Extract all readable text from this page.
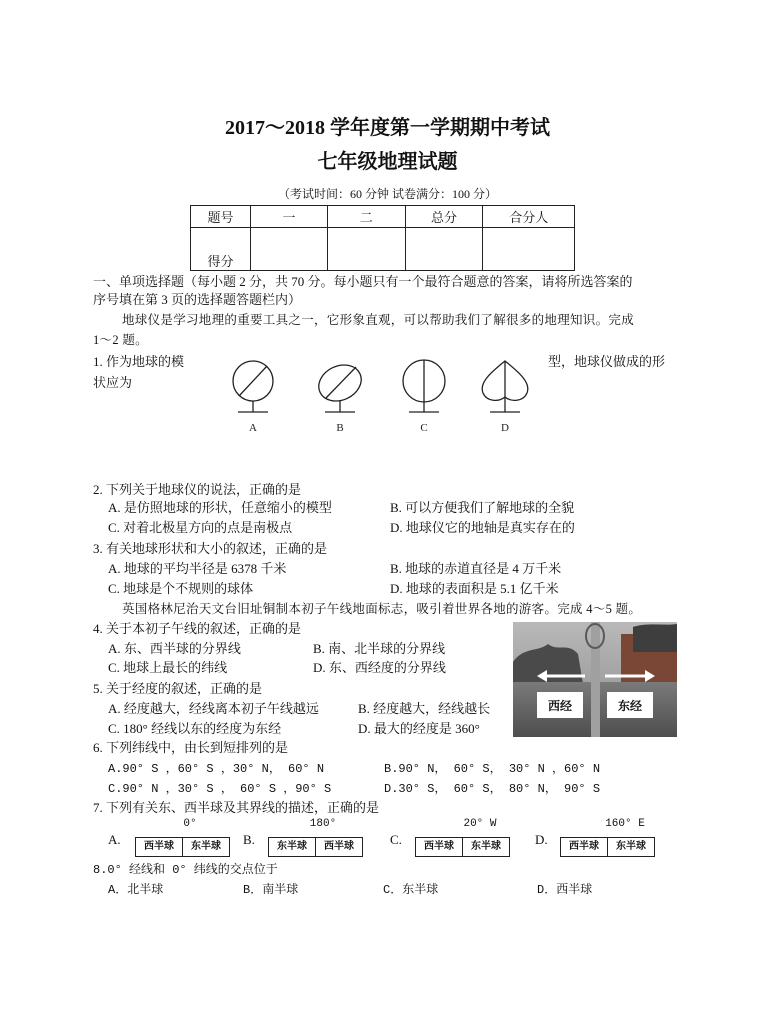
2017～2018 学年度第一学期期中考试
七年级地理试题
（考试时间：60 分钟 试卷满分：100 分）
题号	一	二	总分	合分人
得分				
一、单项选择题（每小题 2 分，共 70 分。每小题只有一个最符合题意的答案，请将所选答案的
序号填在第 3 页的选择题答题栏内）
地球仪是学习地理的重要工具之一，它形象直观，可以帮助我们了解很多的地理知识。完成
1～2 题。
1. 作为地球的模	型，地球仪做成的形
状应为
A	B	C	D
2. 下列关于地球仪的说法，正确的是
A. 是仿照地球的形状，任意缩小的模型	B. 可以方便我们了解地球的全貌
C. 对着北极星方向的点是南极点	D. 地球仪它的地轴是真实存在的
3. 有关地球形状和大小的叙述，正确的是
A. 地球的平均半径是 6378 千米	B. 地球的赤道直径是 4 万千米
C. 地球是个不规则的球体	D. 地球的表面积是 5.1 亿千米
英国格林尼治天文台旧址铜制本初子午线地面标志，吸引着世界各地的游客。完成 4～5 题。
西经	东经
4. 关于本初子午线的叙述，正确的是
A. 东、西半球的分界线	B. 南、北半球的分界线
C. 地球上最长的纬线	D. 东、西经度的分界线
5. 关于经度的叙述，正确的是
A. 经度越大，经线离本初子午线越远	B. 经度越大，经线越长
C. 180° 经线以东的经度为东经	D. 最大的经度是 360°
6. 下列纬线中，由长到短排列的是
A.90° S ，60° S ，30° N， 60° N	B.90° N， 60° S， 30° N ，60° N
C.90° N ，30° S ， 60° S ，90° S	D.30° S， 60° S， 80° N， 90° S
7. 下列有关东、西半球及其界线的描述，正确的是
A.
0°
西半球	东半球	B.
180°
东半球	西半球	C.
20° W
西半球	东半球	D.
160° E
西半球	东半球
8.0° 经线和 0° 纬线的交点位于
A．北半球	B．南半球	C．东半球	D．西半球
